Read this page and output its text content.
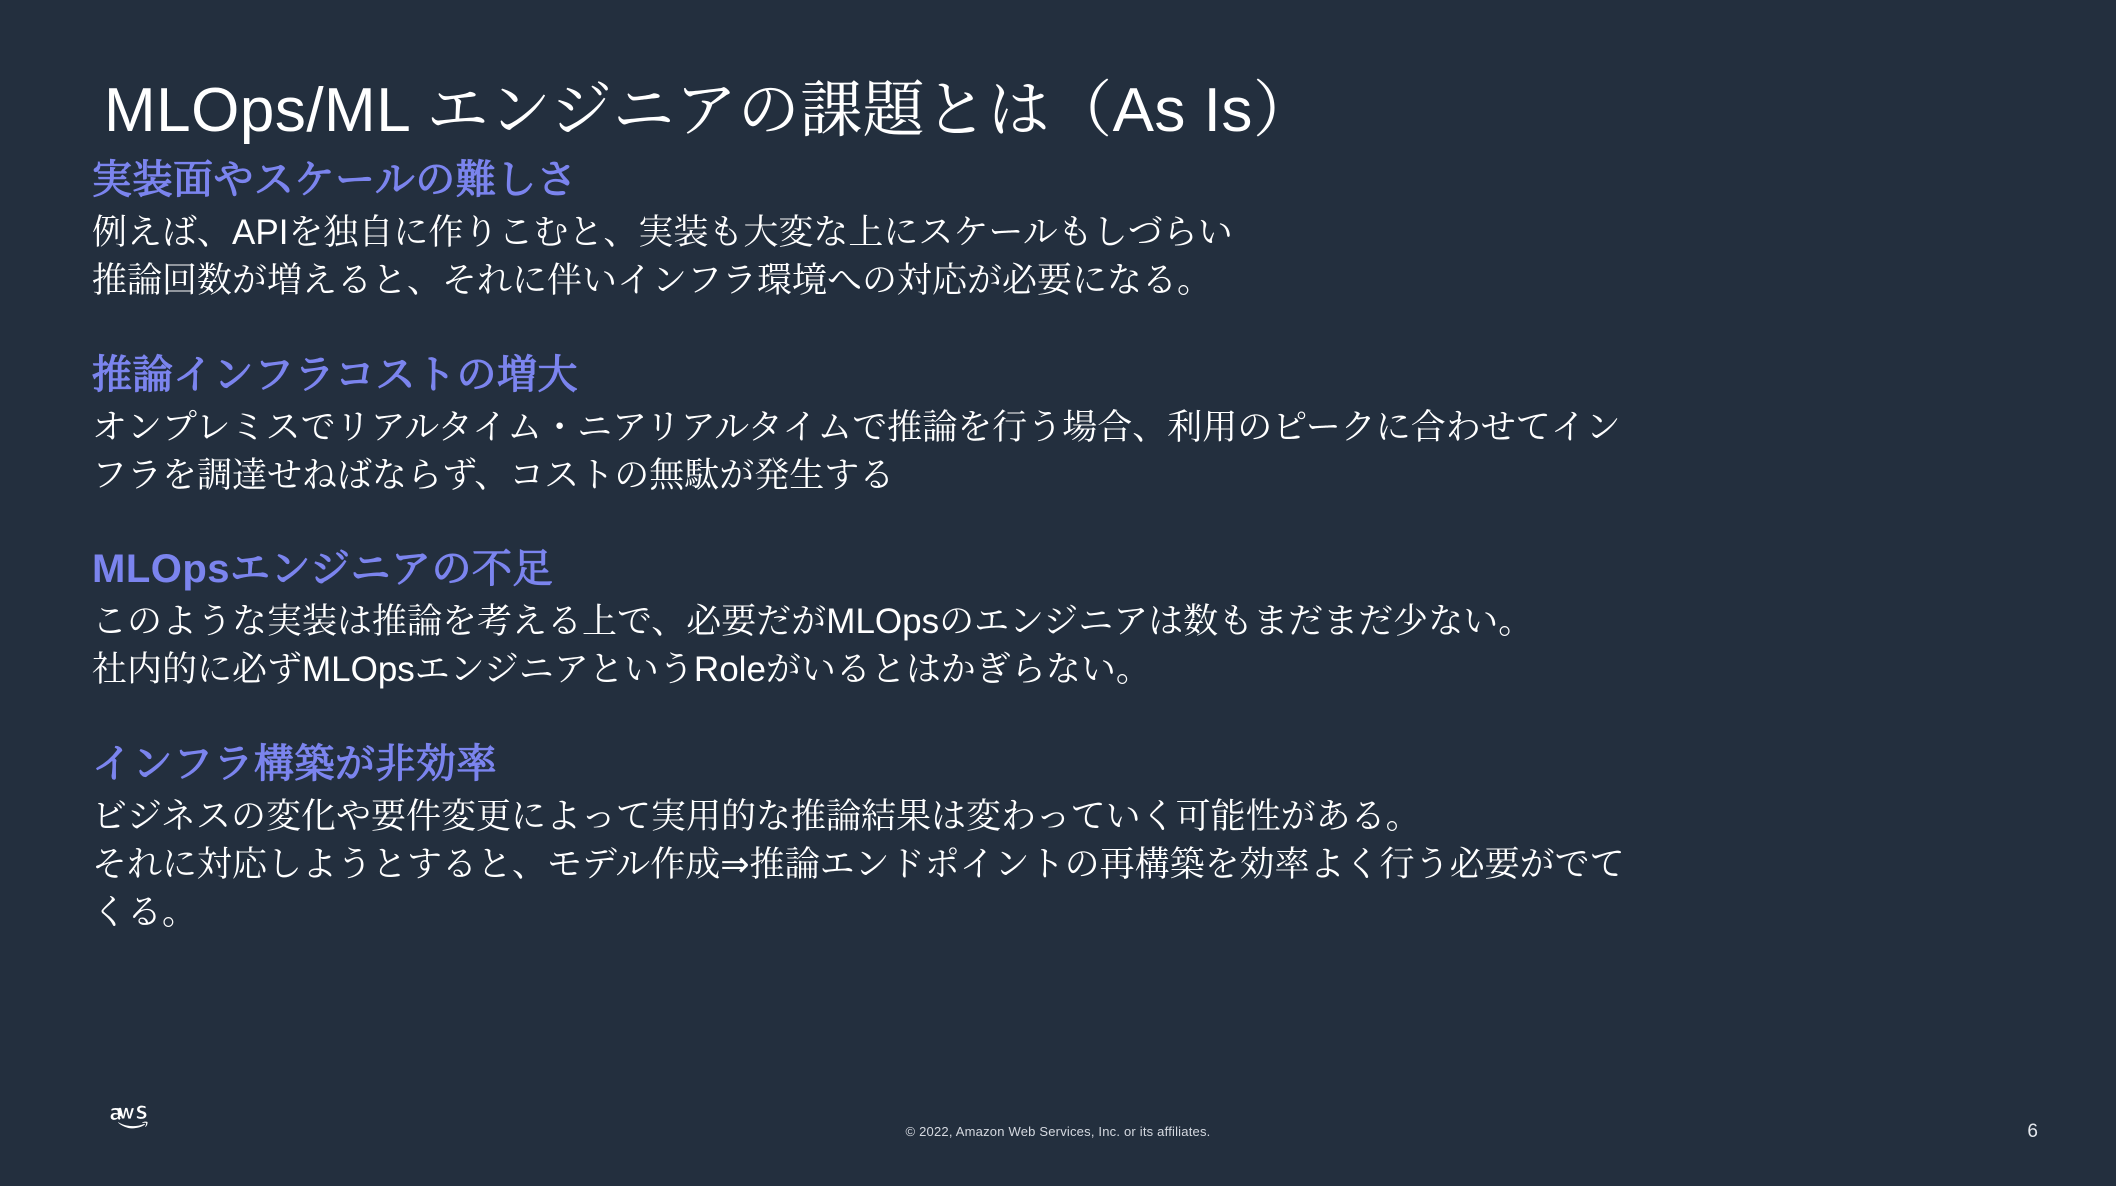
MLOps/ML エンジニアの課題とは（As Is）
実装面やスケールの難しさ

例えば、APIを独自に作りこむと、実装も大変な上にスケールもしづらい

推論回数が増えると、それに伴いインフラ環境への対応が必要になる。

推論インフラコストの増大

オンプレミスでリアルタイム・ニアリアルタイムで推論を行う場合、利用のピークに合わせてイン

フラを調達せねばならず、コストの無駄が発生する

MLOpsエンジニアの不足

このような実装は推論を考える上で、必要だがMLOpsのエンジニアは数もまだまだ少ない。

社内的に必ずMLOpsエンジニアというRoleがいるとはかぎらない。

インフラ構築が非効率

ビジネスの変化や要件変更によって実用的な推論結果は変わっていく可能性がある。

それに対応しようとすると、モデル作成⇒推論エンドポイントの再構築を効率よく行う必要がでて

くる。

© 2022, Amazon Web Services, Inc. or its affiliates.	6
